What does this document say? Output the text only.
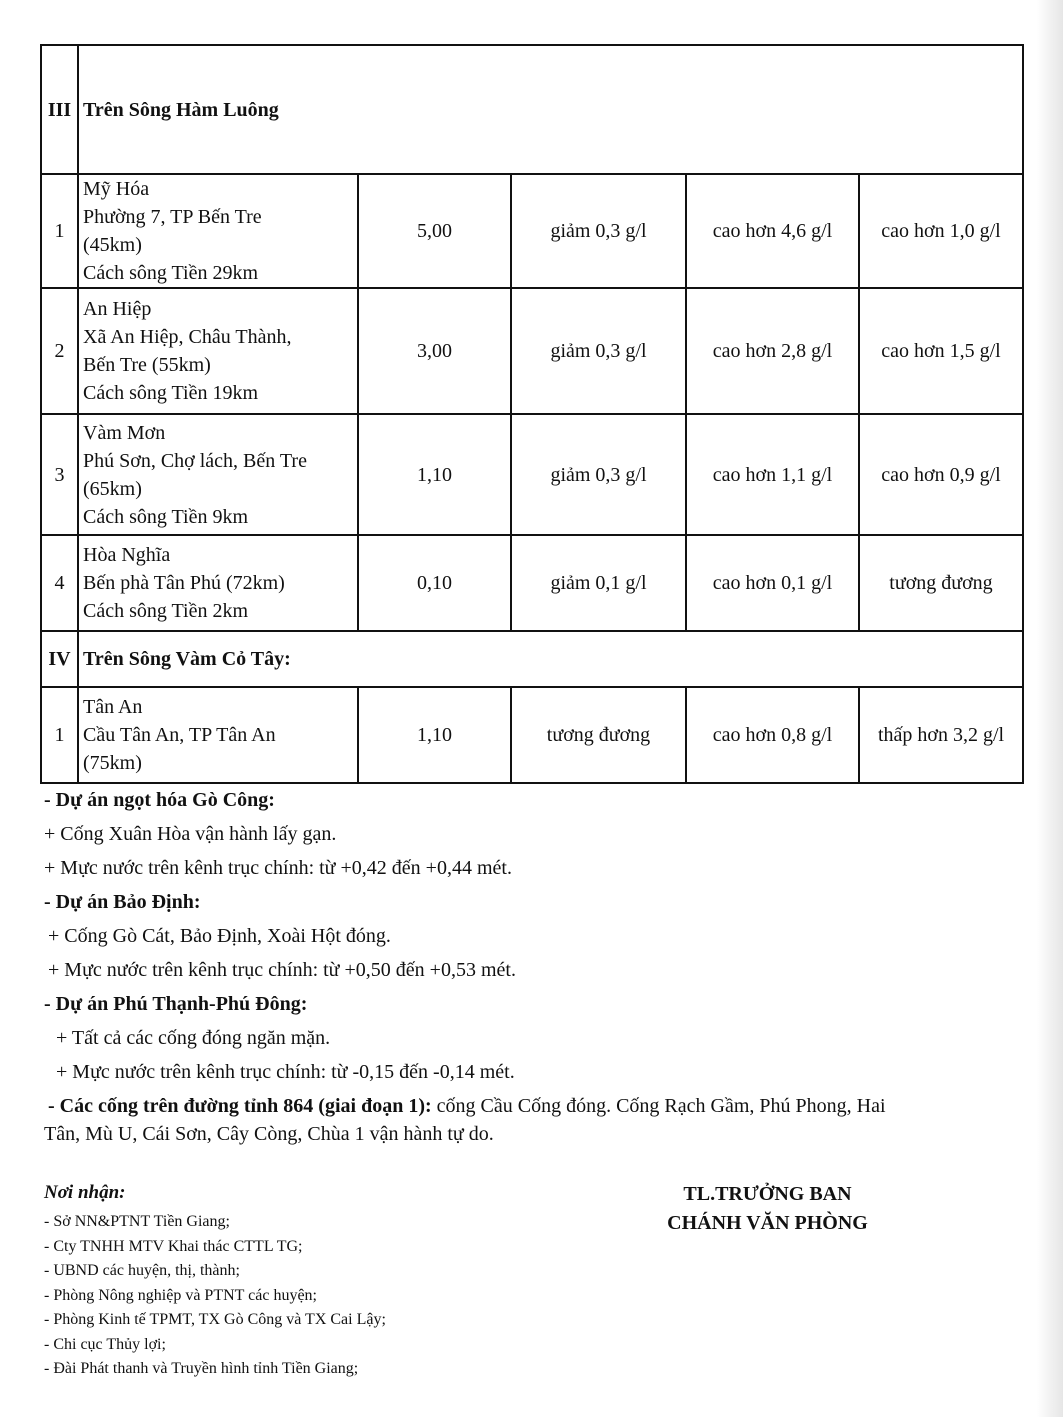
III	Trên Sông Hàm Luông				
1	Mỹ Hóa
Phường 7, TP Bến Tre
(45km)
Cách sông Tiền 29km	5,00	giảm 0,3 g/l	cao hơn 4,6 g/l	cao hơn 1,0 g/l
2	An Hiệp
Xã An Hiệp, Châu Thành,
Bến Tre (55km)
Cách sông Tiền 19km	3,00	giảm 0,3 g/l	cao hơn 2,8 g/l	cao hơn 1,5 g/l
3	Vàm Mơn
Phú Sơn, Chợ lách, Bến Tre
(65km)
Cách sông Tiền 9km	1,10	giảm 0,3 g/l	cao hơn 1,1 g/l	cao hơn 0,9 g/l
4	Hòa Nghĩa
Bến phà Tân Phú (72km)
Cách sông Tiền 2km	0,10	giảm 0,1 g/l	cao hơn 0,1 g/l	tương đương
IV	Trên Sông Vàm Cỏ Tây:				
1	Tân An
Cầu Tân An, TP Tân An
(75km)	1,10	tương đương	cao hơn 0,8 g/l	thấp hơn 3,2 g/l
- Dự án ngọt hóa Gò Công:
+ Cống Xuân Hòa vận hành lấy gạn.
+ Mực nước trên kênh trục chính: từ +0,42 đến +0,44 mét.
- Dự án Bảo Định:
+ Cống Gò Cát, Bảo Định, Xoài Hột đóng.
+ Mực nước trên kênh trục chính: từ +0,50 đến +0,53 mét.
- Dự án Phú Thạnh-Phú Đông:
+ Tất cả các cống đóng ngăn mặn.
+ Mực nước trên kênh trục chính: từ -0,15 đến -0,14 mét.
- Các cống trên đường tỉnh 864 (giai đoạn 1): cống Cầu Cống đóng. Cống Rạch Gầm, Phú Phong, Hai
Tân, Mù U, Cái Sơn, Cây Còng, Chùa 1 vận hành tự do.
Nơi nhận:
- Sở NN&PTNT Tiền Giang;
- Cty TNHH MTV Khai thác CTTL TG;
- UBND các huyện, thị, thành;
- Phòng Nông nghiệp và PTNT các huyện;
- Phòng Kinh tế TPMT, TX Gò Công và TX Cai Lậy;
- Chi cục Thủy lợi;
- Đài Phát thanh và Truyền hình tỉnh Tiền Giang;
TL.TRƯỞNG BAN
CHÁNH VĂN PHÒNG
